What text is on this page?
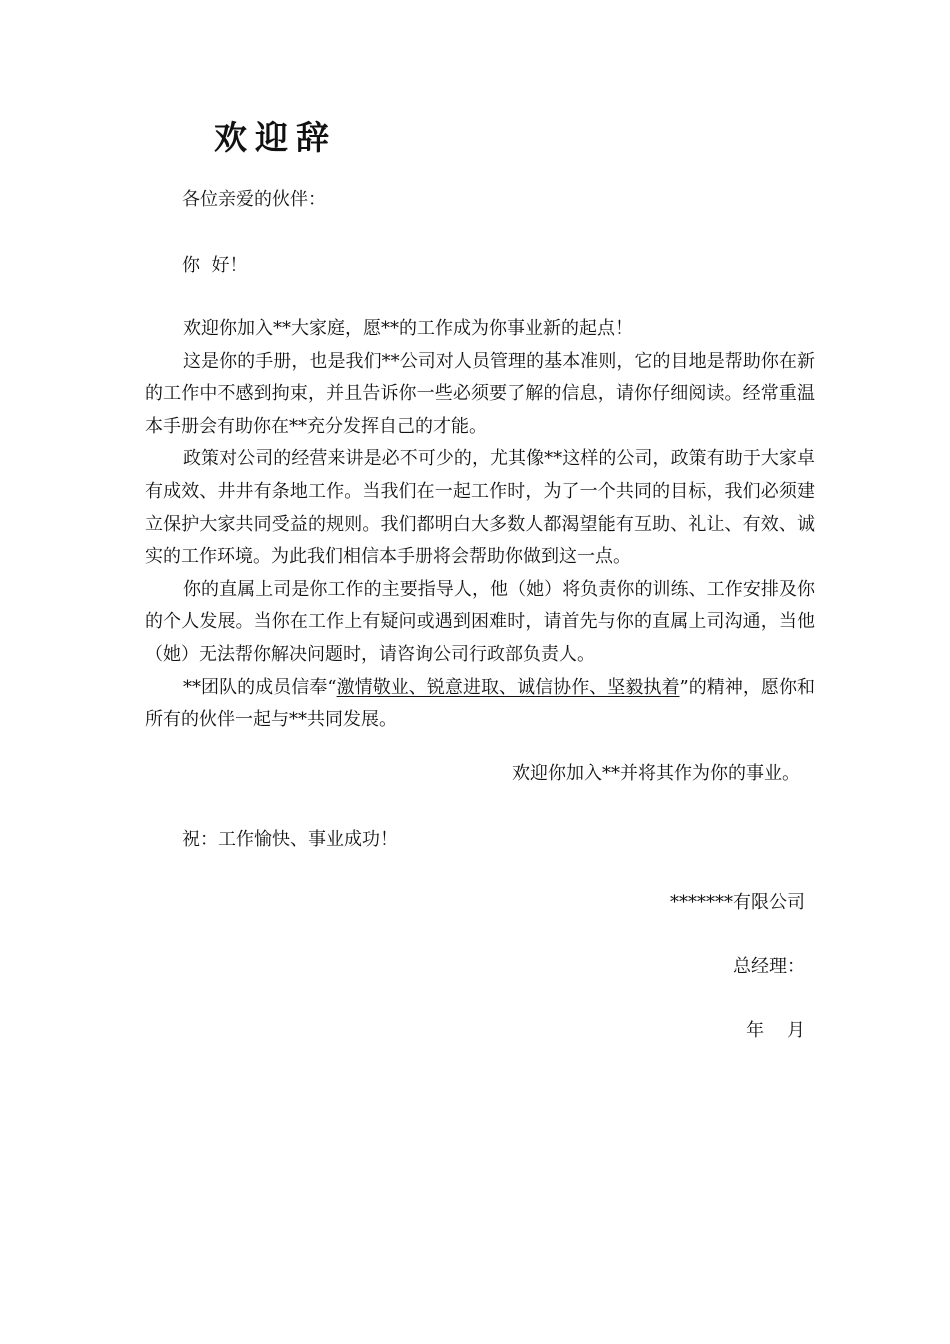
欢迎辞
各位亲爱的伙伴：
你  好！

欢迎你加入**大家庭，愿**的工作成为你事业新的起点！

这是你的手册，也是我们**公司对人员管理的基本准则，它的目地是帮助你在新的工作中不感到拘束，并且告诉你一些必须要了解的信息，请你仔细阅读。经常重温本手册会有助你在**充分发挥自己的才能。

政策对公司的经营来讲是必不可少的，尤其像**这样的公司，政策有助于大家卓有成效、井井有条地工作。当我们在一起工作时，为了一个共同的目标，我们必须建立保护大家共同受益的规则。我们都明白大多数人都渴望能有互助、礼让、有效、诚实的工作环境。为此我们相信本手册将会帮助你做到这一点。

你的直属上司是你工作的主要指导人，他（她）将负责你的训练、工作安排及你的个人发展。当你在工作上有疑问或遇到困难时，请首先与你的直属上司沟通，当他（她）无法帮你解决问题时，请咨询公司行政部负责人。

**团队的成员信奉“激情敬业、锐意进取、诚信协作、坚毅执着”的精神，愿你和所有的伙伴一起与**共同发展。

欢迎你加入**并将其作为你的事业。
祝：工作愉快、事业成功！
*******有限公司
总经理：
年    月
